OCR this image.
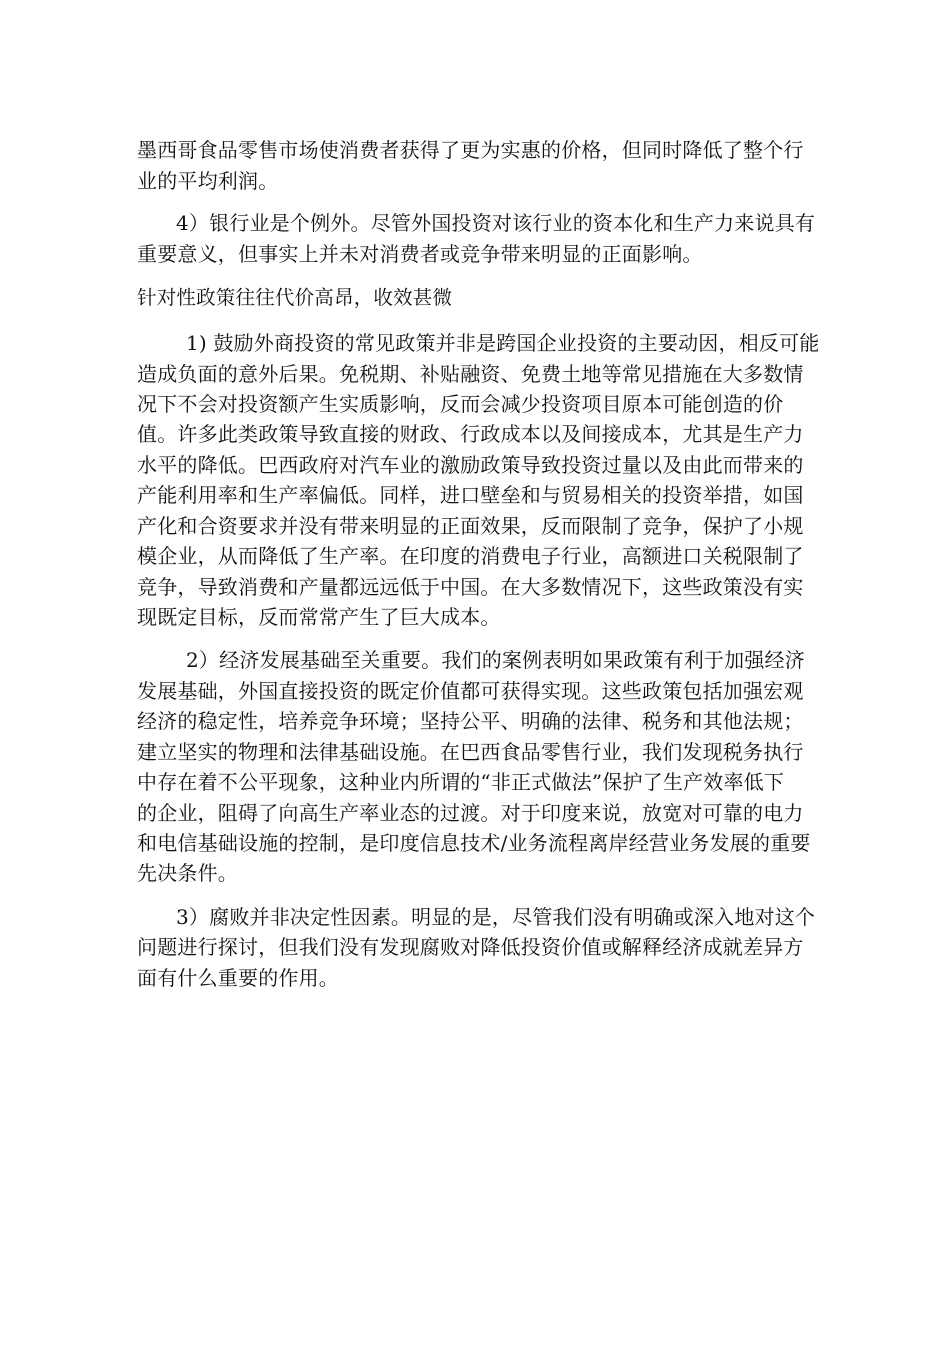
墨西哥食品零售市场使消费者获得了更为实惠的价格，但同时降低了整个行
业的平均利润。
4）银行业是个例外。尽管外国投资对该行业的资本化和生产力来说具有
重要意义，但事实上并未对消费者或竞争带来明显的正面影响。
针对性政策往往代价高昂，收效甚微
1) 鼓励外商投资的常见政策并非是跨国企业投资的主要动因，相反可能
造成负面的意外后果。免税期、补贴融资、免费土地等常见措施在大多数情
况下不会对投资额产生实质影响，反而会减少投资项目原本可能创造的价
值。许多此类政策导致直接的财政、行政成本以及间接成本，尤其是生产力
水平的降低。巴西政府对汽车业的激励政策导致投资过量以及由此而带来的
产能利用率和生产率偏低。同样，进口壁垒和与贸易相关的投资举措，如国
产化和合资要求并没有带来明显的正面效果，反而限制了竞争，保护了小规
模企业，从而降低了生产率。在印度的消费电子行业，高额进口关税限制了
竞争，导致消费和产量都远远低于中国。在大多数情况下，这些政策没有实
现既定目标，反而常常产生了巨大成本。
2）经济发展基础至关重要。我们的案例表明如果政策有利于加强经济
发展基础，外国直接投资的既定价值都可获得实现。这些政策包括加强宏观
经济的稳定性，培养竞争环境；坚持公平、明确的法律、税务和其他法规；
建立坚实的物理和法律基础设施。在巴西食品零售行业，我们发现税务执行
中存在着不公平现象，这种业内所谓的“非正式做法”保护了生产效率低下
的企业，阻碍了向高生产率业态的过渡。对于印度来说，放宽对可靠的电力
和电信基础设施的控制，是印度信息技术/业务流程离岸经营业务发展的重要
先决条件。
3）腐败并非决定性因素。明显的是，尽管我们没有明确或深入地对这个
问题进行探讨，但我们没有发现腐败对降低投资价值或解释经济成就差异方
面有什么重要的作用。
